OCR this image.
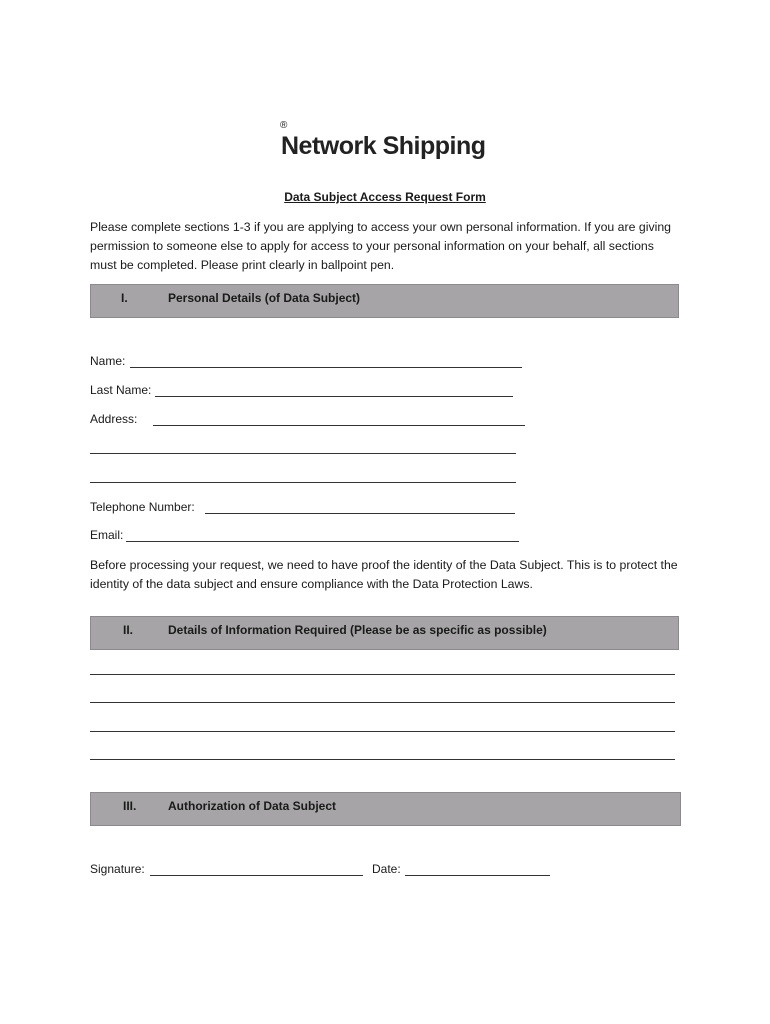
®
Network Shipping
Data Subject Access Request Form
Please complete sections 1-3 if you are applying to access your own personal information. If you are giving permission to someone else to apply for access to your personal information on your behalf, all sections must be completed. Please print clearly in ballpoint pen.
I.	Personal Details (of Data Subject)
Name:
Last Name:
Address:
Telephone Number:
Email:
Before processing your request, we need to have proof the identity of the Data Subject. This is to protect the identity of the data subject and ensure compliance with the Data Protection Laws.
II.	Details of Information Required (Please be as specific as possible)
III.	Authorization of Data Subject
Signature:	Date:
